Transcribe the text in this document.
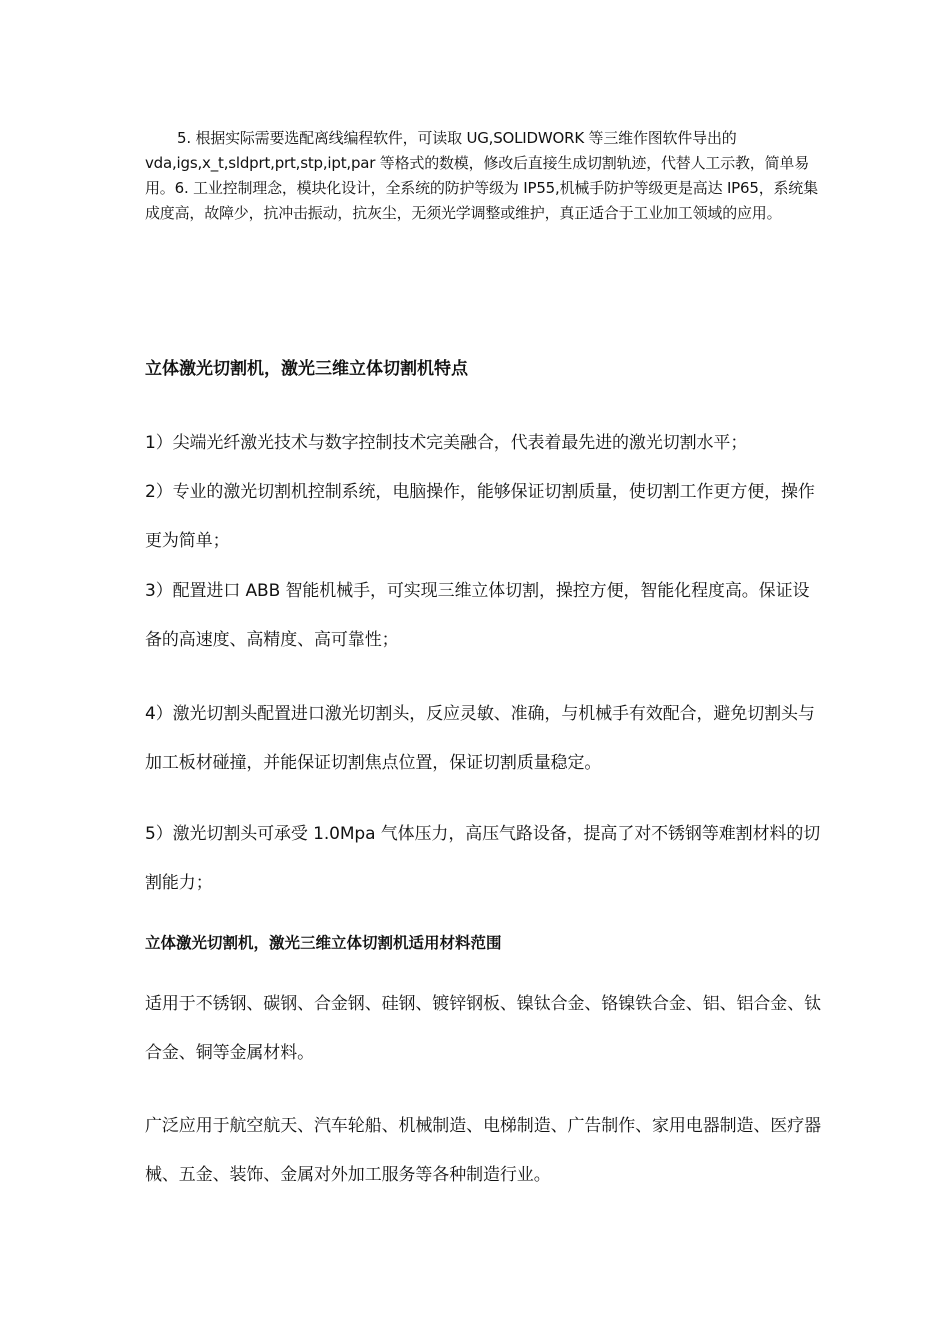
5. 根据实际需要选配离线编程软件，可读取 UG,SOLIDWORK 等三维作图软件导出的 vda,igs,x_t,sldprt,prt,stp,ipt,par 等格式的数模，修改后直接生成切割轨迹，代替人工示教，简单易用。6. 工业控制理念，模块化设计，全系统的防护等级为 IP55,机械手防护等级更是高达 IP65，系统集成度高，故障少，抗冲击振动，抗灰尘，无须光学调整或维护，真正适合于工业加工领域的应用。

立体激光切割机，激光三维立体切割机特点

1）尖端光纤激光技术与数字控制技术完美融合，代表着最先进的激光切割水平；

2）专业的激光切割机控制系统，电脑操作，能够保证切割质量，使切割工作更方便，操作更为简单；

3）配置进口 ABB 智能机械手，可实现三维立体切割，操控方便，智能化程度高。保证设备的高速度、高精度、高可靠性；

4）激光切割头配置进口激光切割头，反应灵敏、准确，与机械手有效配合，避免切割头与加工板材碰撞，并能保证切割焦点位置，保证切割质量稳定。

5）激光切割头可承受 1.0Mpa 气体压力，高压气路设备，提高了对不锈钢等难割材料的切割能力；

立体激光切割机，激光三维立体切割机适用材料范围

适用于不锈钢、碳钢、合金钢、硅钢、镀锌钢板、镍钛合金、铬镍铁合金、铝、铝合金、钛合金、铜等金属材料。

广泛应用于航空航天、汽车轮船、机械制造、电梯制造、广告制作、家用电器制造、医疗器械、五金、装饰、金属对外加工服务等各种制造行业。
